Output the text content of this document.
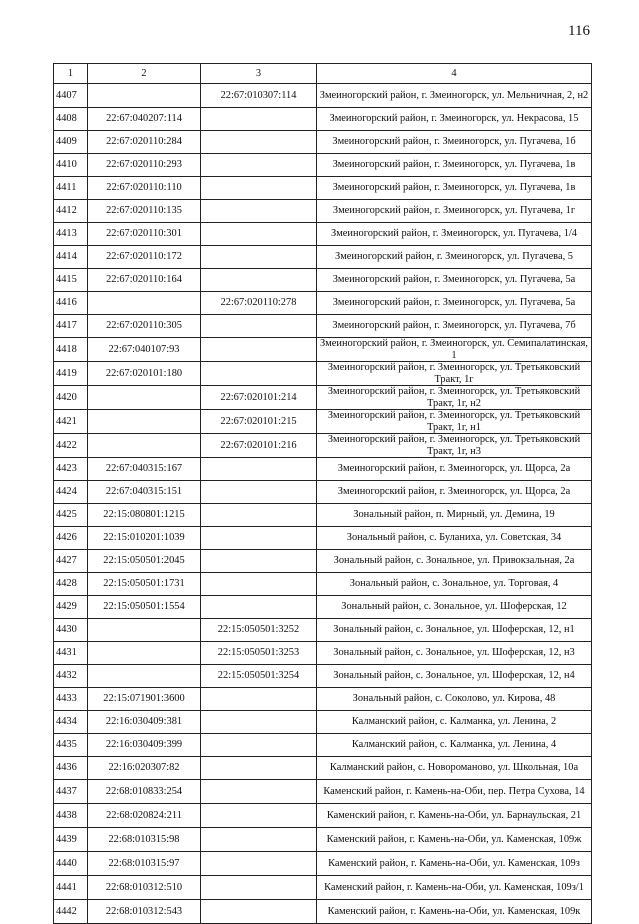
116
1	2	3	4
4407		22:67:010307:114	Змеиногорский район, г. Змеиногорск, ул. Мельничная, 2, н2
4408	22:67:040207:114		Змеиногорский район, г. Змеиногорск, ул. Некрасова, 15
4409	22:67:020110:284		Змеиногорский район, г. Змеиногорск, ул. Пугачева, 1б
4410	22:67:020110:293		Змеиногорский район, г. Змеиногорск, ул. Пугачева, 1в
4411	22:67:020110:110		Змеиногорский район, г. Змеиногорск, ул. Пугачева, 1в
4412	22:67:020110:135		Змеиногорский район, г. Змеиногорск, ул. Пугачева, 1г
4413	22:67:020110:301		Змеиногорский район, г. Змеиногорск, ул. Пугачева, 1/4
4414	22:67:020110:172		Змеиногорский район, г. Змеиногорск, ул. Пугачева, 5
4415	22:67:020110:164		Змеиногорский район, г. Змеиногорск, ул. Пугачева, 5а
4416		22:67:020110:278	Змеиногорский район, г. Змеиногорск, ул. Пугачева, 5а
4417	22:67:020110:305		Змеиногорский район, г. Змеиногорск, ул. Пугачева, 7б
4418	22:67:040107:93		Змеиногорский район, г. Змеиногорск, ул. Семипалатинская, 1
4419	22:67:020101:180		Змеиногорский район, г. Змеиногорск, ул. Третьяковский Тракт, 1г
4420		22:67:020101:214	Змеиногорский район, г. Змеиногорск, ул. Третьяковский Тракт, 1г, н2
4421		22:67:020101:215	Змеиногорский район, г. Змеиногорск, ул. Третьяковский Тракт, 1г, н1
4422		22:67:020101:216	Змеиногорский район, г. Змеиногорск, ул. Третьяковский Тракт, 1г, н3
4423	22:67:040315:167		Змеиногорский район, г. Змеиногорск, ул. Щорса, 2а
4424	22:67:040315:151		Змеиногорский район, г. Змеиногорск, ул. Щорса, 2а
4425	22:15:080801:1215		Зональный район, п. Мирный, ул. Демина, 19
4426	22:15:010201:1039		Зональный район, с. Буланиха, ул. Советская, 34
4427	22:15:050501:2045		Зональный район, с. Зональное, ул. Привокзальная, 2а
4428	22:15:050501:1731		Зональный район, с. Зональное, ул. Торговая, 4
4429	22:15:050501:1554		Зональный район, с. Зональное, ул. Шоферская, 12
4430		22:15:050501:3252	Зональный район, с. Зональное, ул. Шоферская, 12, н1
4431		22:15:050501:3253	Зональный район, с. Зональное, ул. Шоферская, 12, н3
4432		22:15:050501:3254	Зональный район, с. Зональное, ул. Шоферская, 12, н4
4433	22:15:071901:3600		Зональный район, с. Соколово, ул. Кирова, 48
4434	22:16:030409:381		Калманский район, с. Калманка, ул. Ленина, 2
4435	22:16:030409:399		Калманский район, с. Калманка, ул. Ленина, 4
4436	22:16:020307:82		Калманский район, с. Новороманово, ул. Школьная, 10а
4437	22:68:010833:254		Каменский район, г. Камень-на-Оби, пер. Петра Сухова, 14
4438	22:68:020824:211		Каменский район, г. Камень-на-Оби, ул. Барнаульская, 21
4439	22:68:010315:98		Каменский район, г. Камень-на-Оби, ул. Каменская, 109ж
4440	22:68:010315:97		Каменский район, г. Камень-на-Оби, ул. Каменская, 109з
4441	22:68:010312:510		Каменский район, г. Камень-на-Оби, ул. Каменская, 109з/1
4442	22:68:010312:543		Каменский район, г. Камень-на-Оби, ул. Каменская, 109к
